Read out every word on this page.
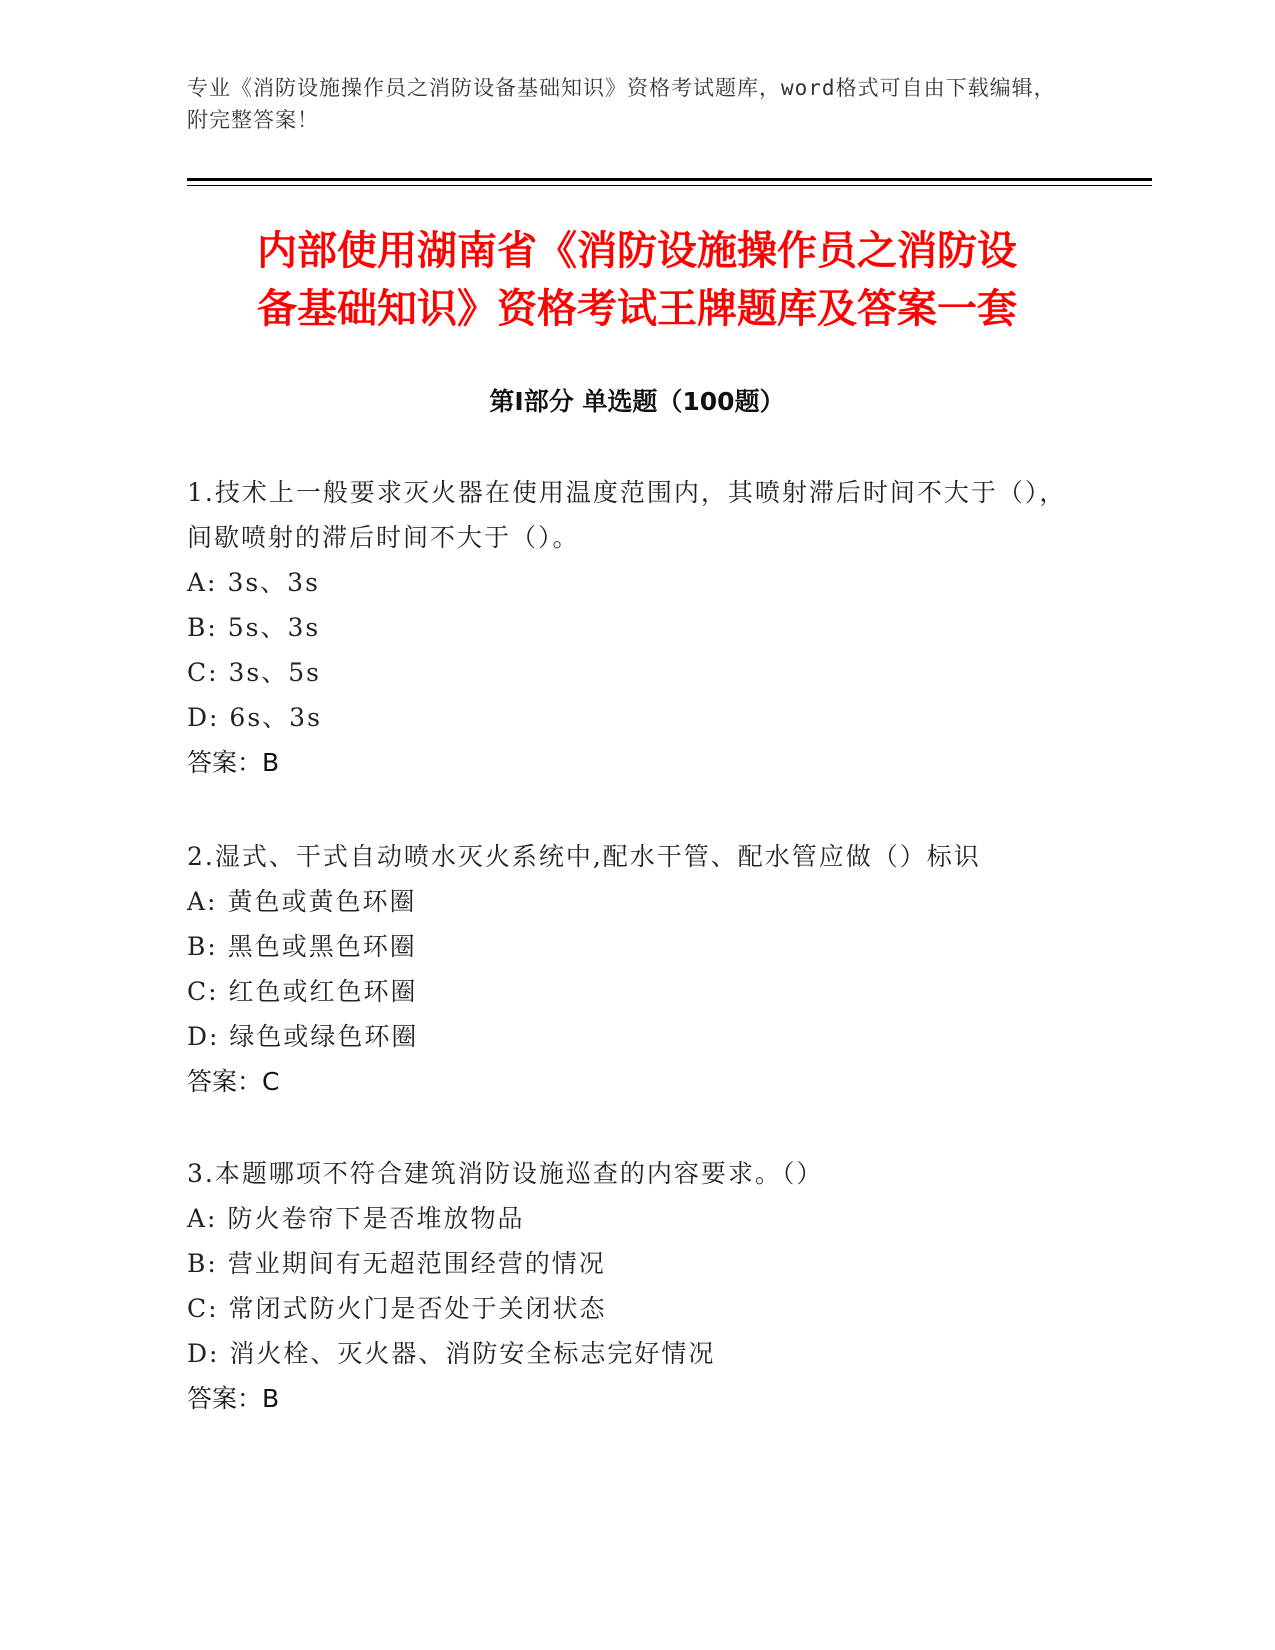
专业《消防设施操作员之消防设备基础知识》资格考试题库，word格式可自由下载编辑，附完整答案！
内部使用湖南省《消防设施操作员之消防设
备基础知识》资格考试王牌题库及答案一套
第Ⅰ部分 单选题（100题）

1.技术上一般要求灭火器在使用温度范围内，其喷射滞后时间不大于（），间歇喷射的滞后时间不大于（）。

A: 3s、3s

B: 5s、3s

C: 3s、5s

D: 6s、3s

答案：B

2.湿式、干式自动喷水灭火系统中,配水干管、配水管应做（）标识

A: 黄色或黄色环圈

B: 黑色或黑色环圈

C: 红色或红色环圈

D: 绿色或绿色环圈

答案：C

3.本题哪项不符合建筑消防设施巡查的内容要求。（）

A: 防火卷帘下是否堆放物品

B: 营业期间有无超范围经营的情况

C: 常闭式防火门是否处于关闭状态

D: 消火栓、灭火器、消防安全标志完好情况

答案：B
